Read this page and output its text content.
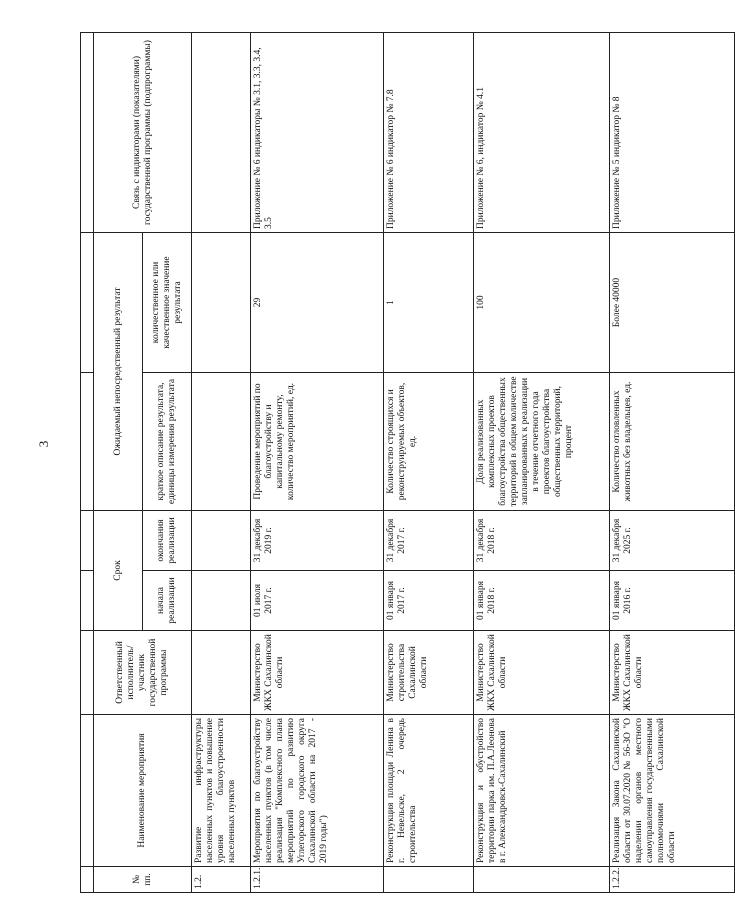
3

№ пп.	Наименование мероприятия	Ответственный исполнитель/участник государственной программы	Срок		Ожидаемый непосредственный результат		Связь с индикаторами (показателями) государственной программы (подпрограммы)
			начала реализации	окончания реализации	краткое описание результата, единицы измерения результата	количественное или качественное значение результата	
1.2.	Развитие инфраструктуры населенных пунктов и повышение уровня благоустроенности населенных пунктов						
1.2.1.	Мероприятия по благоустройству населенных пунктов (в том числе реализация "Комплексного плана мероприятий по развитию Углегорского городского округа Сахалинской области на 2017 - 2019 годы")	Министерство ЖКХ Сахалинской области	01 июля 2017 г.	31 декабря 2019 г.	Проведение мероприятий по благоустройству и капитальному ремонту, количество мероприятий, ед.	29	Приложение № 6 индикаторы № 3.1, 3.3, 3.4, 3.5
	Реконструкция площади Ленина в г. Невельске, 2 очередь строительства	Министерство строительства Сахалинской области	01 января 2017 г.	31 декабря 2017 г.	Количество строящихся и реконструируемых объектов, ед.	1	Приложение № 6 индикатор № 7.8
	Реконструкция и обустройство территории парка им. П.А.Леонова в г. Александровск-Сахалинский	Министерство ЖКХ Сахалинской области	01 января 2018 г.	31 декабря 2018 г.	Доля реализованных комплексных проектов благоустройства общественных территорий в общем количестве запланированных к реализации в течение отчетного года проектов благоустройства общественных территорий, процент	100	Приложение № 6, индикатор № 4.1
1.2.2.	Реализация Закона Сахалинской области от 30.07.2020 № 56-ЗО "О наделении органов местного самоуправления государственными полномочиями Сахалинской области	Министерство ЖКХ Сахалинской области	01 января 2016 г.	31 декабря 2025 г.	Количество отловленных животных без владельцев, ед.	Более 40000	Приложение № 5 индикатор № 8
